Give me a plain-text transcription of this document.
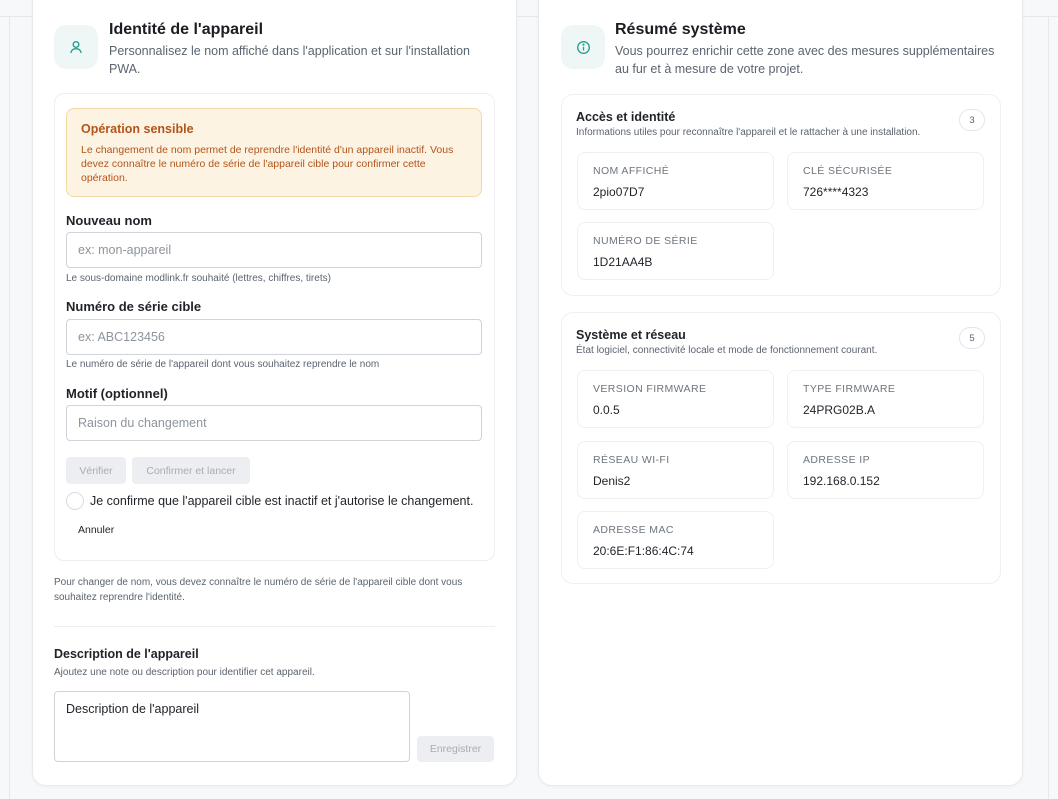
Identité de l'appareil
Personnalisez le nom affiché dans l'application et sur l'installation PWA.
Opération sensible
Le changement de nom permet de reprendre l'identité d'un appareil inactif. Vous devez connaître le numéro de série de l'appareil cible pour confirmer cette opération.
Nouveau nom
ex: mon-appareil
Le sous-domaine modlink.fr souhaité (lettres, chiffres, tirets)
Numéro de série cible
ex: ABC123456
Le numéro de série de l'appareil dont vous souhaitez reprendre le nom
Motif (optionnel)
Raison du changement
Vérifier	Confirmer et lancer
Je confirme que l'appareil cible est inactif et j'autorise le changement.
Annuler
Pour changer de nom, vous devez connaître le numéro de série de l'appareil cible dont vous souhaitez reprendre l'identité.
Description de l'appareil
Ajoutez une note ou description pour identifier cet appareil.
Description de l'appareil
Enregistrer
Résumé système
Vous pourrez enrichir cette zone avec des mesures supplémentaires au fur et à mesure de votre projet.
Accès et identité
Informations utiles pour reconnaître l'appareil et le rattacher à une installation.
3
NOM AFFICHÉ
2pio07D7
CLÉ SÉCURISÉE
726****4323
NUMÉRO DE SÉRIE
1D21AA4B
Système et réseau
État logiciel, connectivité locale et mode de fonctionnement courant.
5
VERSION FIRMWARE
0.0.5
TYPE FIRMWARE
24PRG02B.A
RÉSEAU WI-FI
Denis2
ADRESSE IP
192.168.0.152
ADRESSE MAC
20:6E:F1:86:4C:74
